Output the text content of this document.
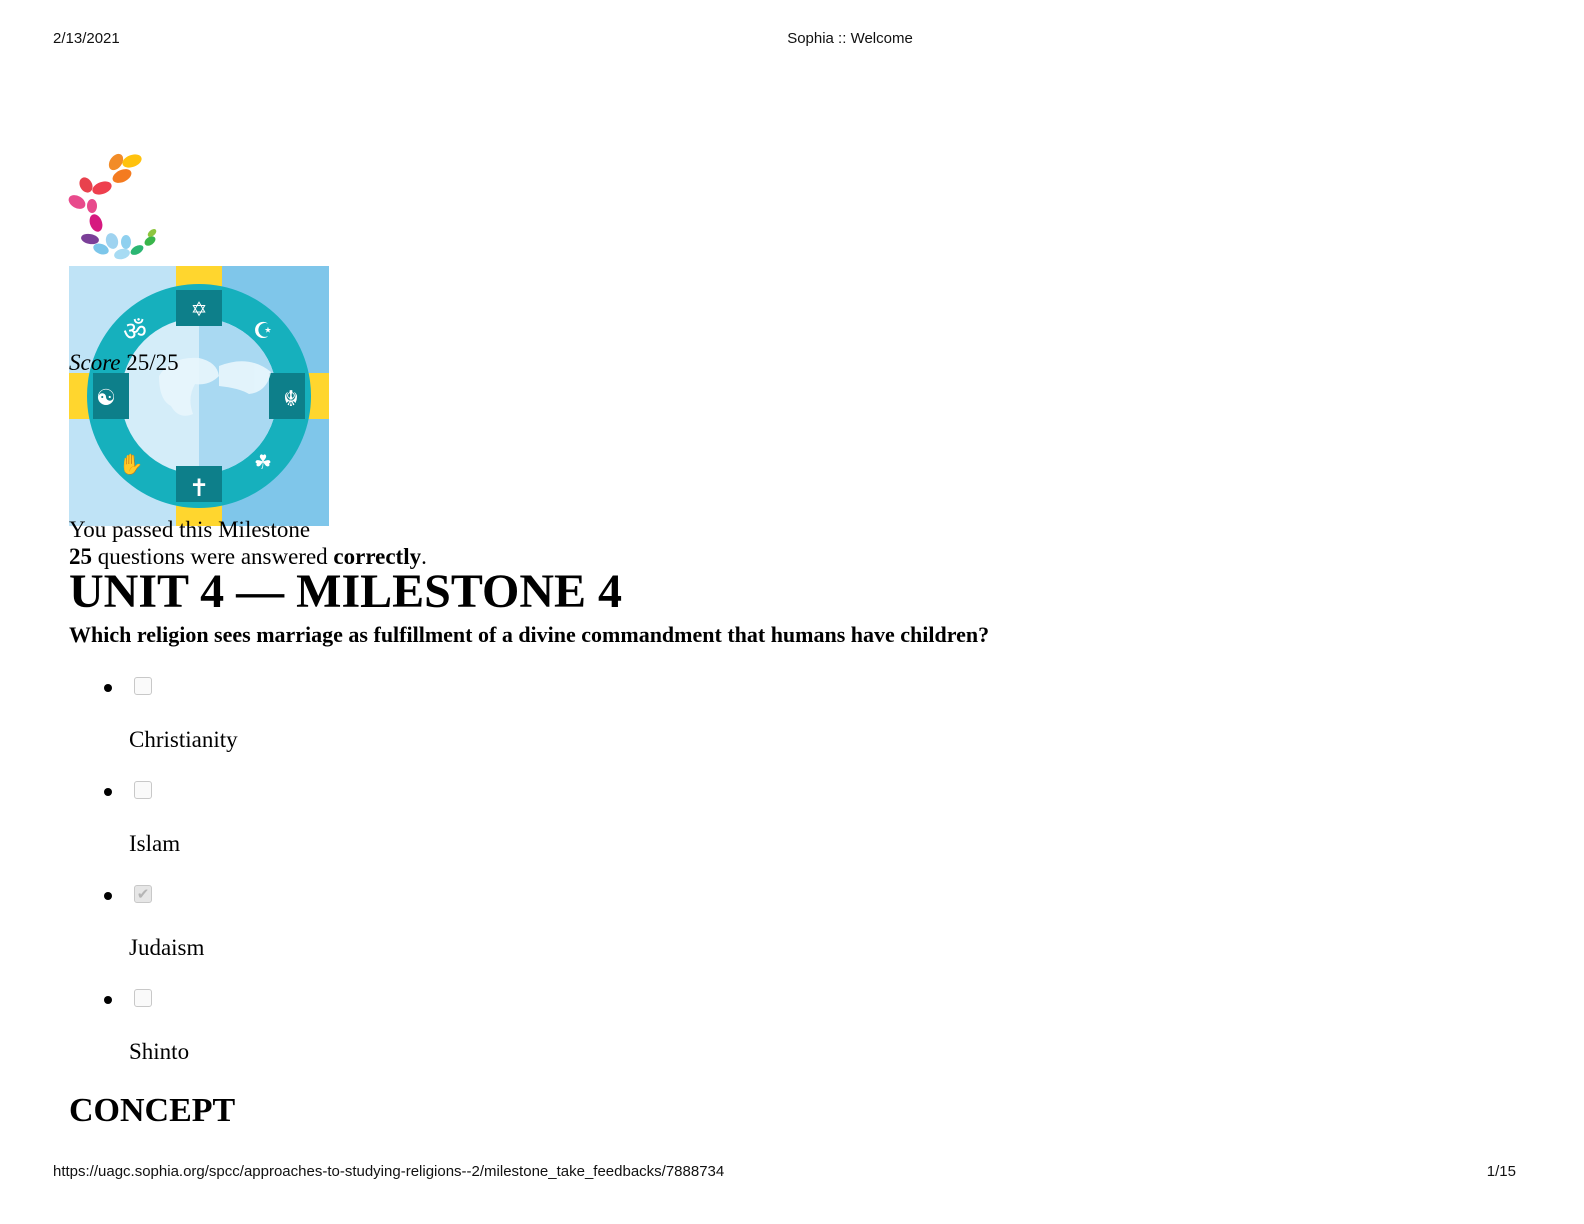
2/13/2021	Sophia :: Welcome
✡
✝
☯	☬
ॐ	☪
✋	☘
Score 25/25
You passed this Milestone
25 questions were answered correctly.
UNIT 4 — MILESTONE 4

Which religion sees marriage as fulfillment of a divine commandment that humans have children?

Christianity
Islam
✔
Judaism
Shinto
CONCEPT
https://uagc.sophia.org/spcc/approaches-to-studying-religions--2/milestone_take_feedbacks/7888734	1/15
